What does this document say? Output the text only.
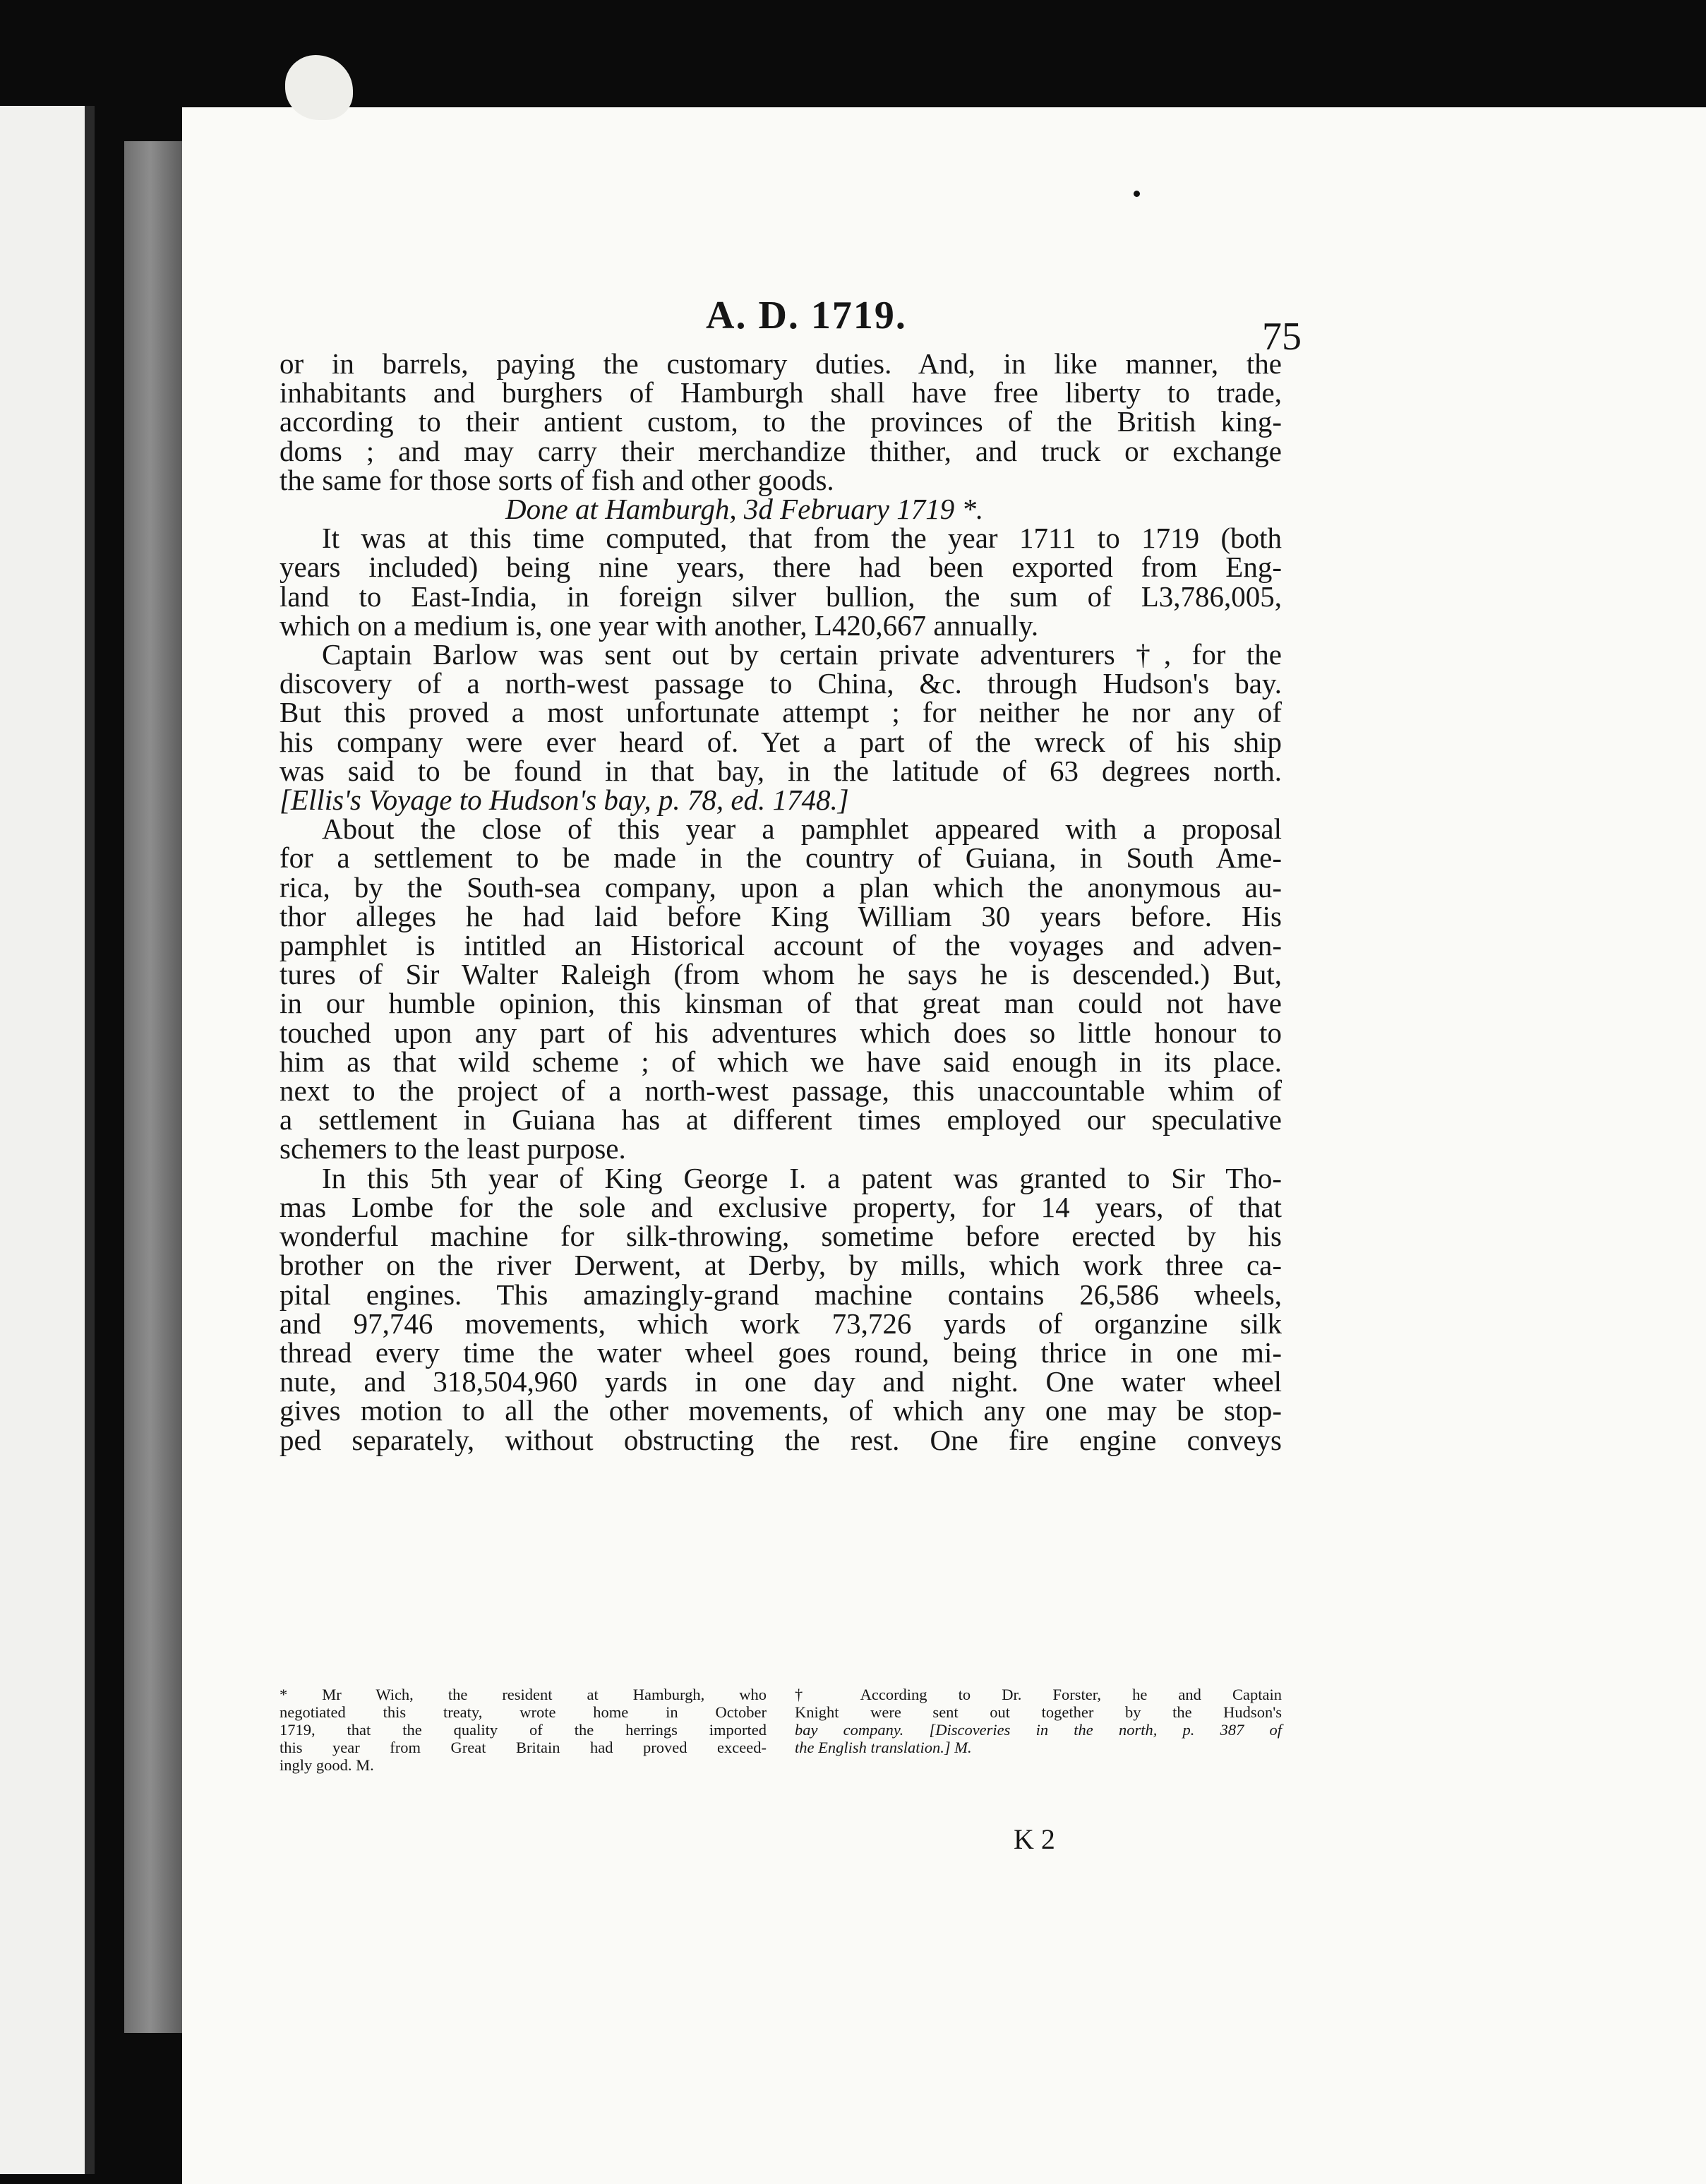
A. D. 1719.	75

or in barrels, paying the customary duties. And, in like manner, the
inhabitants and burghers of Hamburgh shall have free liberty to trade,
according to their antient custom, to the provinces of the British king-
doms ; and may carry their merchandize thither, and truck or exchange
the same for those sorts of fish and other goods.

Done at Hamburgh, 3d February 1719 *.

It was at this time computed, that from the year 1711 to 1719 (both
years included) being nine years, there had been exported from Eng-
land to East-India, in foreign silver bullion, the sum of L3,786,005,
which on a medium is, one year with another, L420,667 annually.

Captain Barlow was sent out by certain private adventurers †, for the
discovery of a north-west passage to China, &c. through Hudson's bay.
But this proved a most unfortunate attempt ; for neither he nor any of
his company were ever heard of. Yet a part of the wreck of his ship
was said to be found in that bay, in the latitude of 63 degrees north.
[Ellis's Voyage to Hudson's bay, p. 78, ed. 1748.]

About the close of this year a pamphlet appeared with a proposal
for a settlement to be made in the country of Guiana, in South Ame-
rica, by the South-sea company, upon a plan which the anonymous au-
thor alleges he had laid before King William 30 years before. His
pamphlet is intitled an Historical account of the voyages and adven-
tures of Sir Walter Raleigh (from whom he says he is descended.) But,
in our humble opinion, this kinsman of that great man could not have
touched upon any part of his adventures which does so little honour to
him as that wild scheme ; of which we have said enough in its place.
next to the project of a north-west passage, this unaccountable whim of
a settlement in Guiana has at different times employed our speculative
schemers to the least purpose.

In this 5th year of King George I. a patent was granted to Sir Tho-
mas Lombe for the sole and exclusive property, for 14 years, of that
wonderful machine for silk-throwing, sometime before erected by his
brother on the river Derwent, at Derby, by mills, which work three ca-
pital engines. This amazingly-grand machine contains 26,586 wheels,
and 97,746 movements, which work 73,726 yards of organzine silk
thread every time the water wheel goes round, being thrice in one mi-
nute, and 318,504,960 yards in one day and night. One water wheel
gives motion to all the other movements, of which any one may be stop-
ped separately, without obstructing the rest. One fire engine conveys

* Mr Wich, the resident at Hamburgh, who
negotiated this treaty, wrote home in October
1719, that the quality of the herrings imported
this year from Great Britain had proved exceed-
ingly good. M.
† According to Dr. Forster, he and Captain
Knight were sent out together by the Hudson's
bay company. [Discoveries in the north, p. 387 of
the English translation.] M.
K 2
